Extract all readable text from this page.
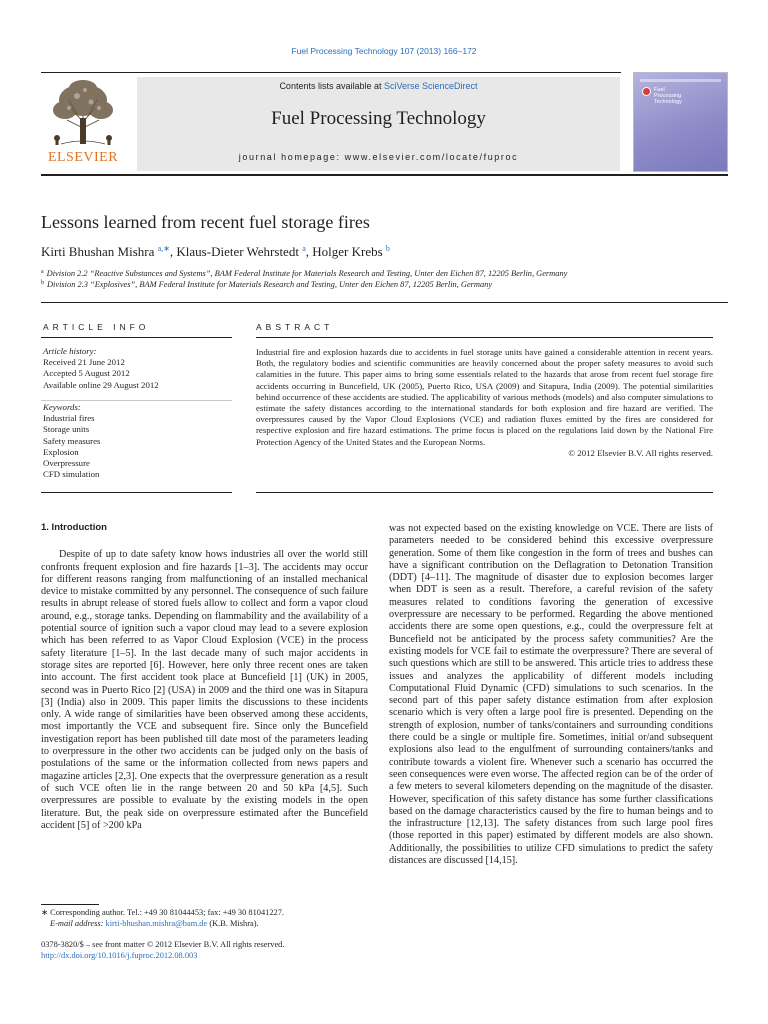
Fuel Processing Technology 107 (2013) 166–172
ELSEVIER
Contents lists available at SciVerse ScienceDirect
Fuel Processing Technology
journal homepage: www.elsevier.com/locate/fuproc
Fuel
Processing
Technology
Lessons learned from recent fuel storage fires
Kirti Bhushan Mishra $^{a,∗}$, Klaus-Dieter Wehrstedt $^a$, Holger Krebs $^b$
$^a$ Division 2.2 “Reactive Substances and Systems”, BAM Federal Institute for Materials Research and Testing, Unter den Eichen 87, 12205 Berlin, Germany
$^b$ Division 2.3 “Explosives”, BAM Federal Institute for Materials Research and Testing, Unter den Eichen 87, 12205 Berlin, Germany
ARTICLE INFO	ABSTRACT
Article history:
Received 21 June 2012
Accepted 5 August 2012
Available online 29 August 2012
Keywords:
Industrial fires
Storage units
Safety measures
Explosion
Overpressure
CFD simulation
Industrial fire and explosion hazards due to accidents in fuel storage units have gained a considerable attention in recent years. Both, the regulatory bodies and scientific communities are heavily concerned about the proper safety measures to avoid such calamities in the future. This paper aims to bring some essentials related to the hazards that arose from recent fuel storage fire accidents occurring in Buncefield, UK (2005), Puerto Rico, USA (2009) and Sitapura, India (2009). The potential similarities behind occurrence of these accidents are studied. The applicability of various methods (models) and also computer simulations to estimate the safety distances according to the international standards for both explosion and fire hazard are verified. The overpressures caused by the Vapor Cloud Explosions (VCE) and radiation fluxes emitted by the fires are considered for respective explosion and fire hazard estimations. The prime focus is placed on the regulations laid down by the National Fire Protection Agency of the United States and the European Norms.
© 2012 Elsevier B.V. All rights reserved.
1. Introduction

Despite of up to date safety know hows industries all over the world still confronts frequent explosion and fire hazards [1–3]. The accidents may occur for different reasons ranging from malfunctioning of an installed mechanical device to mistake committed by any personnel. The consequence of such failure results in abrupt release of stored fuels allow to collect and form a vapor cloud around, e.g., storage tanks. Depending on flammability and the availability of a potential source of ignition such a vapor cloud may lead to a severe explosion which has been referred to as Vapor Cloud Explosion (VCE) in the process safety literature [1–5]. In the last decade many of such major accidents in storage sites are reported [6]. However, here only three recent ones are taken into account. The first accident took place at Buncefield [1] (UK) in 2005, second was in Puerto Rico [2] (USA) in 2009 and the third one was in Sitapura [3] (India) also in 2009. This paper limits the discussions to these incidents only. A wide range of similarities have been observed among these accidents, most importantly the VCE and subsequent fire. Since only the Buncefield investigation report has been published till date most of the parameters leading to overpressure in the other two accidents can be judged only on the basis of postulations of the same or the information collected from news papers and magazine articles [2,3]. One expects that the overpressure generation as a result of such VCE often lie in the range between 20 and 50 kPa [4,5]. Such overpressures are possible to evaluate by the existing models in the open literature. But, the peak side on overpressure estimated after the Buncefield accident [5] of >200 kPa

was not expected based on the existing knowledge on VCE. There are lists of parameters needed to be considered behind this excessive overpressure generation. Some of them like congestion in the form of trees and bushes can have a significant contribution on the Deflagration to Detonation Transition (DDT) [4–11]. The magnitude of disaster due to explosion becomes larger when DDT is seen as a result. Therefore, a careful revision of the safety measures related to conditions favoring the generation of excessive overpressure are necessary to be performed. Regarding the above mentioned accidents there are some open questions, e.g., could the overpressure felt at Buncefield not be anticipated by the process safety communities? Are the existing models for VCE fail to estimate the overpressure? There are several of such questions which are still to be answered. This article tries to address these issues and analyzes the applicability of different models including Computational Fluid Dynamic (CFD) simulations to such scenarios. In the second part of this paper safety distance estimation from after explosion scenario which is very often a large pool fire is presented. Depending on the strength of explosion, number of tanks/containers and surrounding conditions there could be a single or multiple fire. Sometimes, initial or/and subsequent explosions also lead to the engulfment of surrounding containers/tanks and contribute towards a violent fire. Whenever such a scenario has occurred the seen consequences were even worse. The affected region can be of the order of a few meters to several kilometers depending on the magnitude of the disaster. However, specification of this safety distance has some further classifications based on the damage characteristics caused by the fire to human beings and to the infrastructure [12,13]. The safety distances from such large pool fires (those reported in this paper) estimated by different models are also shown. Additionally, the possibilities to utilize CFD simulations to predict the safety distances are discussed [14,15].

∗ Corresponding author. Tel.: +49 30 81044453; fax: +49 30 81041227.
E-mail address: kirti-bhushan.mishra@bam.de (K.B. Mishra).
0378-3820/$ – see front matter © 2012 Elsevier B.V. All rights reserved.
http://dx.doi.org/10.1016/j.fuproc.2012.08.003
